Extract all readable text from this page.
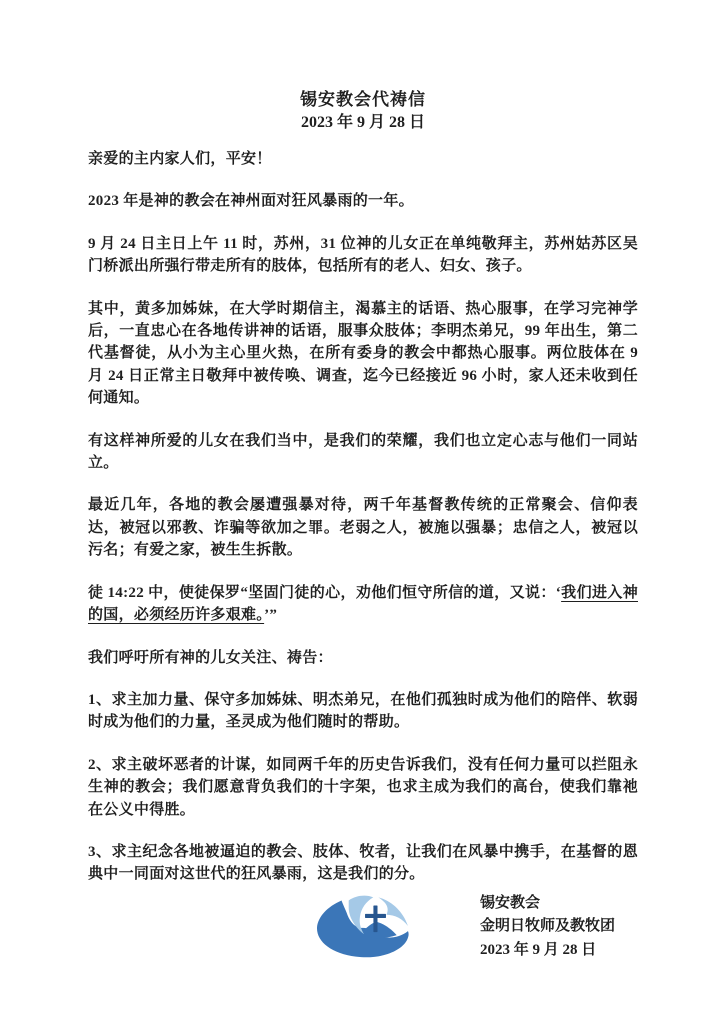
锡安教会代祷信

2023 年 9 月 28 日

亲爱的主内家人们，平安！

2023 年是神的教会在神州面对狂风暴雨的一年。

9 月 24 日主日上午 11 时，苏州，31 位神的儿女正在单纯敬拜主，苏州姑苏区吴门桥派出所强行带走所有的肢体，包括所有的老人、妇女、孩子。

其中，黄多加姊妹，在大学时期信主，渴慕主的话语、热心服事，在学习完神学后，一直忠心在各地传讲神的话语，服事众肢体；李明杰弟兄，99 年出生，第二代基督徒，从小为主心里火热，在所有委身的教会中都热心服事。两位肢体在 9 月 24 日正常主日敬拜中被传唤、调查，迄今已经接近 96 小时，家人还未收到任何通知。

有这样神所爱的儿女在我们当中，是我们的荣耀，我们也立定心志与他们一同站立。

最近几年，各地的教会屡遭强暴对待，两千年基督教传统的正常聚会、信仰表达，被冠以邪教、诈骗等欲加之罪。老弱之人，被施以强暴；忠信之人，被冠以污名；有爱之家，被生生拆散。

徒 14:22 中，使徒保罗“坚固门徒的心，劝他们恒守所信的道，又说：‘我们进入神的国，必须经历许多艰难。’”

我们呼吁所有神的儿女关注、祷告：

1、求主加力量、保守多加姊妹、明杰弟兄，在他们孤独时成为他们的陪伴、软弱时成为他们的力量，圣灵成为他们随时的帮助。

2、求主破坏恶者的计谋，如同两千年的历史告诉我们，没有任何力量可以拦阻永生神的教会；我们愿意背负我们的十字架，也求主成为我们的高台，使我们靠祂在公义中得胜。

3、求主纪念各地被逼迫的教会、肢体、牧者，让我们在风暴中携手，在基督的恩典中一同面对这世代的狂风暴雨，这是我们的分。

锡安教会

金明日牧师及教牧团

2023 年 9 月 28 日
